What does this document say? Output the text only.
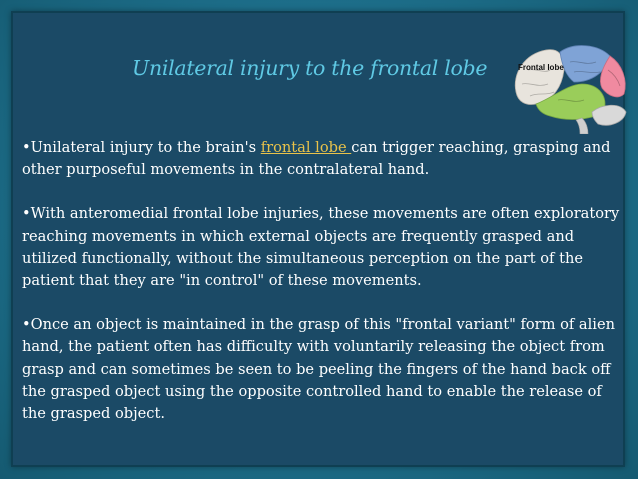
Unilateral injury to the frontal lobe	Frontal lobe

•Unilateral injury to the brain's frontal lobe can trigger reaching, grasping and other purposeful movements in the contralateral hand.

•With anteromedial frontal lobe injuries, these movements are often exploratory reaching movements in which external objects are frequently grasped and utilized functionally, without the simultaneous perception on the part of the patient that they are "in control" of these movements.

•Once an object is maintained in the grasp of this "frontal variant" form of alien hand, the patient often has difficulty with voluntarily releasing the object from grasp and can sometimes be seen to be peeling the fingers of the hand back off the grasped object using the opposite controlled hand to enable the release of the grasped object.
